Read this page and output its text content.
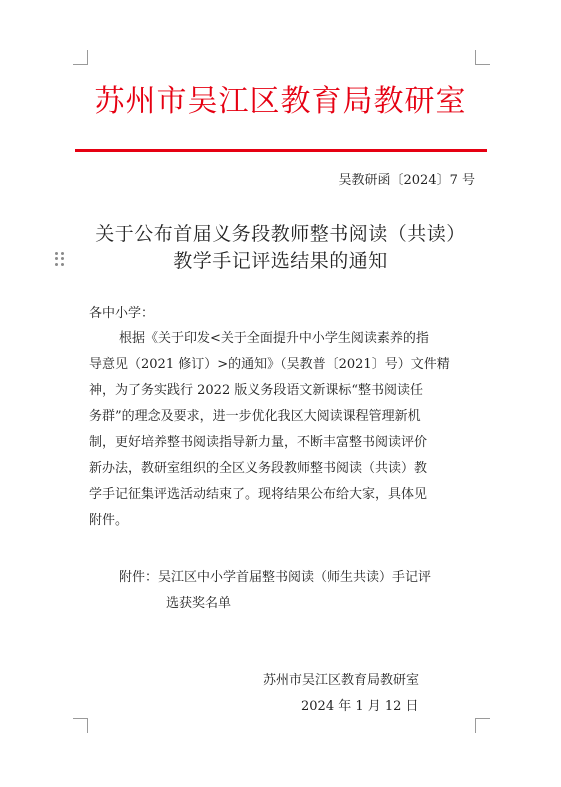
苏州市吴江区教育局教研室
吴教研函〔2024〕7 号
关于公布首届义务段教师整书阅读（共读）
教学手记评选结果的通知
各中小学：
根据《关于印发<关于全面提升中小学生阅读素养的指
导意见（2021 修订）>的通知》（吴教普〔2021〕号）文件精
神，为了务实践行 2022 版义务段语文新课标“整书阅读任
务群”的理念及要求，进一步优化我区大阅读课程管理新机
制，更好培养整书阅读指导新力量，不断丰富整书阅读评价
新办法，教研室组织的全区义务段教师整书阅读（共读）教
学手记征集评选活动结束了。现将结果公布给大家，具体见
附件。
附件：吴江区中小学首届整书阅读（师生共读）手记评
选获奖名单
苏州市吴江区教育局教研室
2024 年 1 月 12 日
